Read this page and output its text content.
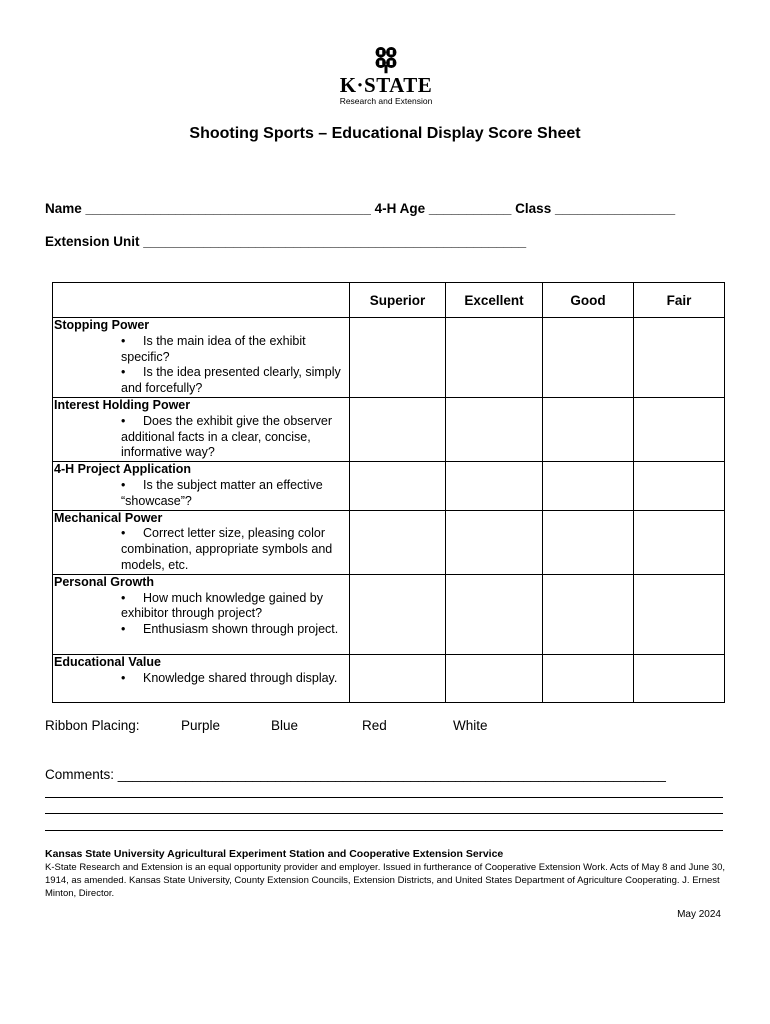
K·STATE
Research and Extension
Shooting Sports – Educational Display Score Sheet
Name ______________________________________ 4-H Age ___________ Class ________________
Extension Unit ___________________________________________________
	Superior	Excellent	Good	Fair

Stopping Power
• Is the main idea of the exhibit specific?
• Is the idea presented clearly, simply and forcefully?				

Interest Holding Power
• Does the exhibit give the observer additional facts in a clear, concise, informative way?				

4-H Project Application
• Is the subject matter an effective “showcase”?				

Mechanical Power
• Correct letter size, pleasing color combination, appropriate symbols and models, etc.				

Personal Growth
• How much knowledge gained by exhibitor through project?
• Enthusiasm shown through project.				

Educational Value
• Knowledge shared through display.				

Ribbon Placing:	Purple	Blue	Red	White
Comments: _________________________________________________________________________
Kansas State University Agricultural Experiment Station and Cooperative Extension Service
K-State Research and Extension is an equal opportunity provider and employer. Issued in furtherance of Cooperative Extension Work. Acts of May 8 and June 30, 1914, as amended. Kansas State University, County Extension Councils, Extension Districts, and United States Department of Agriculture Cooperating. J. Ernest Minton, Director.
May 2024
